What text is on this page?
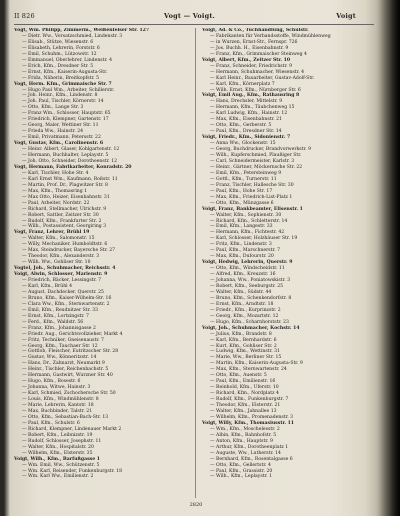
II 826	Vogt — Voigt.	Voigt
Vogt, Wm. Philipp, Zimmerm., Weißenfelser Str. 127
— Dietr. Ww., Vorsatzschmied, Lindenstr. 3
— Elisab., Stütze, Wiesenstr. 6
— Elisabeth, Lehrerin, Forststr. 6
— Emil, Schuhm., Lützowstr. 12
— Emmanuel, Oberlehrer, Lindenstr. 4
— Erich, Kfm., Dresdner Str. 5
— Ernst, Kfm., Kaiserin-Augusta-Str.
— Frida, Näherin, Breitkopfstr. 5
Vogt, Herm. Kfm., Grimmaische Str. 7
— Hugo Paul Wm., Arbeiter, Schillerstr.
— Joh. Heinr., Kfm., Lindenstr. 8
— Joh. Paul, Tischler, Körnerstr. 14
— Otto, Kfm., Lange Str. 3
— Franz Wm., Schlosser, Hauptstr. 65
— Friedrich, Klempner, Gartenstr. 17
— Georg, Maler, Wettiner Str. 11
— Frieda Ww., Hainstr. 24
— Emil, Privatmann, Petersstr. 22
Vogt, Gustav, Kfm., Carolinenstr. 6
— Heinr. Albert, Glaser, Kohlgartenstr. 12
— Hermann, Buchhalter, Leplaystr. 5
— Joh. Otto, Schneider, Dorotheenstr. 12
Vogt, Hermann, Fabrikarbeiter, Konradstr. 20
— Karl, Tischler, Hohe Str. 4
— Karl Ernst Wm., Kaufmann, Roßstr. 11
— Martin, Prof. Dr., Plagwitzer Str. 8
— Max, Kfm., Thomasring 1
— Max Otto, Heizer, Eisenbahnstr. 31
— Paul, Arbeiter, Nordstr. 22
— Richard, Stellmacher, Ulrichstr. 9
— Robert, Sattler, Zeitzer Str. 30
— Rudolf, Kfm., Frankfurter Str. 2
— Wilh., Postassistent, Georgiring 3
Vogt, Franz, Lehrer, Brühl 19
— Walter, Kfm., Salomonstr. 15
— Willy, Mechaniker, Humboldtstr. 6
— Max, Steindrucker, Bayersche Str. 27
— Theodor, Kfm., Alexanderstr. 3
— Wilh. Ww., Gohliser Str. 10
Vogtel, Joh., Schuhmacher, Reichsstr. 4
Voigt, Alwin, Schlosser, Marienstr. 9
— Friedrich, Bäcker, Lessingstr. 7
— Karl, Kfm., Brühl 4
— August, Dachdecker, Querstr. 25
— Bruno, Kfm., Kaiser-Wilhelm-Str. 16
— Clara Ww., Kfm., Sternwartenstr. 2
— Emil, Kfm., Reudnitzer Str. 33
— Ernst, Kfm., Lortzingstr. 7
— Ferd., Kfm., Waldstr. 56
— Franz, Kfm., Johannisgasse 2
— Friedr. Aug., Gerichtsvollzieher, Markt 4
— Fritz, Techniker, Gneisenaustr. 7
— Georg, Kfm., Tauchaer Str. 12
— Gottlob, Fleischer, Eutritzscher Str. 28
— Gustav, Ww., Könneritzstr. 14
— Hans, Dr., Zahnarzt, Neumarkt 9
— Heinr., Tischler, Reichenbachstr. 5
— Hermann, Gastwirt, Wurzner Str. 40
— Hugo, Kfm., Bosestr. 6
— Johanna, Witwe, Hainstr. 3
— Karl, Schmied, Zschochersche Str. 50
— Louis, Kfm., Windmühlenstr. 8
— Marie, Lehrerin, Kantstr. 18
— Max, Buchbinder, Talstr. 21
— Otto, Kfm., Sebastian-Bach-Str. 13
— Paul, Kfm., Schulstr. 6
— Richard, Klempner, Lindenauer Markt 2
— Robert, Kfm., Leibnizstr. 19
— Rudolf, Schlosser, Josephstr. 11
— Walter, Kfm., Hospitalstr. 20
— Wilhelm, Kfm., Elsterstr. 35
Voigt, Wilh., Kfm., Barfußgasse 1
— Wm. Emil, Ww., Schützenstr. 5
— Wm. Karl, Reisender, Funkenburgstr. 18
— Wm. Karl Ww., Emilienstr. 2
Voigt, Ad. & Co., Tuchhandlung, Schulstr.
— Fabrikanten für Verbandsstoffe, Windmühlenweg
— in Wurzen, Ernst-Str., Fernspr. 726
— Jos. Buchh. H., Eisenbahnstr. 9
— Franz, Kfm., Grimmaischer Steinweg 4
Voigt, Albert, Kfm., Zeitzer Str. 10
— Franz, Schneider, Friedrichstr. 9
— Hermann, Schuhmacher, Wiesenstr. 4
— Karl Heinr., Bauarbeiter, Gustav-Adolf-Str.
— Karl, Kfm., Körnerplatz 7
— Wilh. Ernst, Kfm., Nürnberger Str. 6
Voigt, Emil Aug., Kfm., Rathausring 8
— Hans, Drechsler, Mittelstr. 9
— Hermann, Kfm., Täubchenweg 15
— Karl Ludwig, Kfm., Hainstr. 12
— Max, Kfm., Eisenbahnstr. 21
— Otto, Kfm., Gerberstr. 5
— Paul, Kfm., Dresdner Str. 14
Voigt, Friedr., Kfm., Sidonienstr. 7
— Anna Ww., Glockenstr. 15
— Georg, Buchdrucker, Brandvorwerkstr. 9
— Wilh., Kupferschmied, Plaußiger Str.
— Carl, Schneidermeister, Karlstr. 3
— Heinr., Gärtner, Möckernsche Str. 22
— Emil, Kfm., Petersteinweg 9
— Gottl., Kfm., Turnerstr. 11
— Franz, Tischler, Hallesche Str. 30
— Paul, Kfm., Hohe Str. 17
— Max, Kfm., Friedrich-List-Platz 1
— Otto, Kfm., Münzgasse 6
Voigt, Franz, Bankbeamter, Elisenstr. 1
— Walter, Kfm., Sophienstr. 30
— Richard, Kfm., Schletterstr. 14
— Emil, Kfm., Langestr. 33
— Hermann, Kfm., Fichtestr. 42
— Karl, Schlosser, Holzhäuser Str. 19
— Fritz, Kfm., Lindenstr. 3
— Paul, Kfm., Marschnerstr. 7
— Max, Kfm., Dufourstr. 20
Voigt, Hedwig, Lehrerin, Querstr. 9
— Otto, Kfm., Windscheidstr. 11
— Alfred, Kfm., Kreuzstr. 16
— Johanna, Ww., Poniatowskistr. 3
— Robert, Kfm., Seeburgstr. 25
— Walter, Kfm., Südstr. 44
— Bruno, Kfm., Schenkendorfstr. 8
— Ernst, Kfm., Arndtstr. 18
— Friedr., Kfm., Kurprinzstr. 2
— Georg, Kfm., Mozartstr. 12
— Hugo, Kfm., Scharnhorststr. 23
Voigt, Joh., Schuhmacher, Kochstr. 14
— Julius, Kfm., Brandstr. 8
— Karl, Kfm., Bernhardstr. 6
— Kurt, Kfm., Gohliser Str. 2
— Ludwig, Kfm., Wettinstr. 31
— Marie, Ww., Berliner Str. 15
— Martin, Kfm., Kaiserin-Augusta-Str. 9
— Max, Kfm., Sternwartenstr. 24
— Otto, Kfm., Auenstr. 5
— Paul, Kfm., Emilienstr. 16
— Reinhold, Kfm., Uferstr. 10
— Richard, Kfm., Nordplatz 4
— Rudolf, Kfm., Funkenburgstr. 7
— Theodor, Kfm., Elsterstr. 21
— Walter, Kfm., Jahnallee 13
— Wilhelm, Kfm., Promenadenstr. 3
Voigt, Willy, Kfm., Thomasiusstr. 11
— Wm., Kfm., Moschelesstr. 2
— Albin, Kfm., Bahnhofstr. 5
— Anton, Kfm., Hauptstr. 9
— Arthur, Kfm., Dorotheenplatz 1
— Auguste, Ww., Lutherstr. 14
— Bernhard, Kfm., Rosentalgasse 6
— Otto, Kfm., Gellertstr. 4
— Paul, Kfm., Grassistr. 20
— Wilh., Kfm., Leplaystr. 1
2820
